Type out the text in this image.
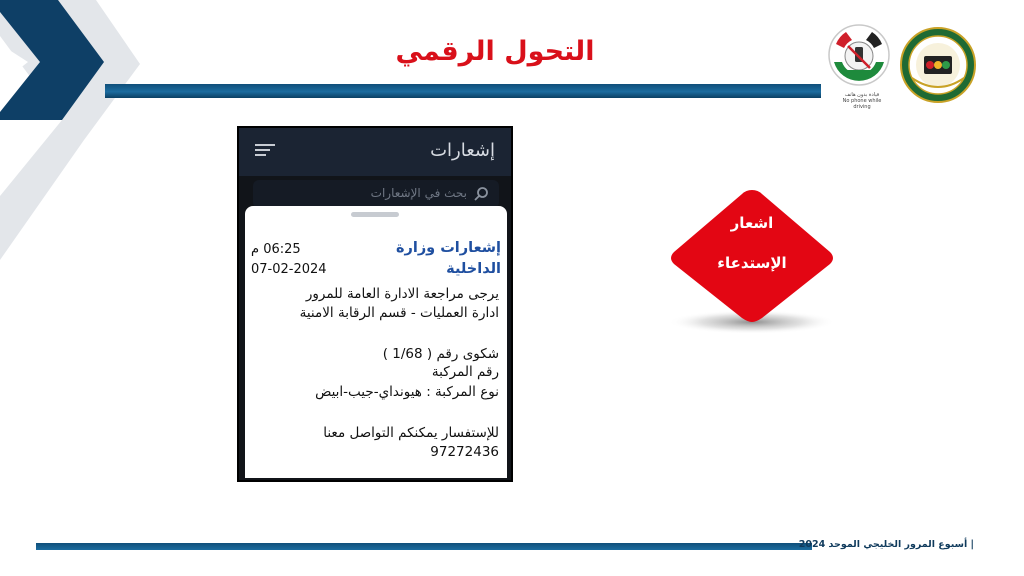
التحول الرقمي
قيادة بدون هاتف
No phone while driving
إشعارات
بحث في الإشعارات
إشعارات وزارة الداخلية
06:25 م
07-02-2024
يرجى مراجعة الادارة العامة للمرور
ادارة العمليات - قسم الرقابة الامنية
شكوى رقم ( 1/68 )
رقم المركبة
نوع المركبة : هيونداي-جيب-ابيض
للإستفسار يمكنكم التواصل معنا
97272436
اشعار
الإستدعاء
| أسبوع المرور الخليجي الموحد 2024
